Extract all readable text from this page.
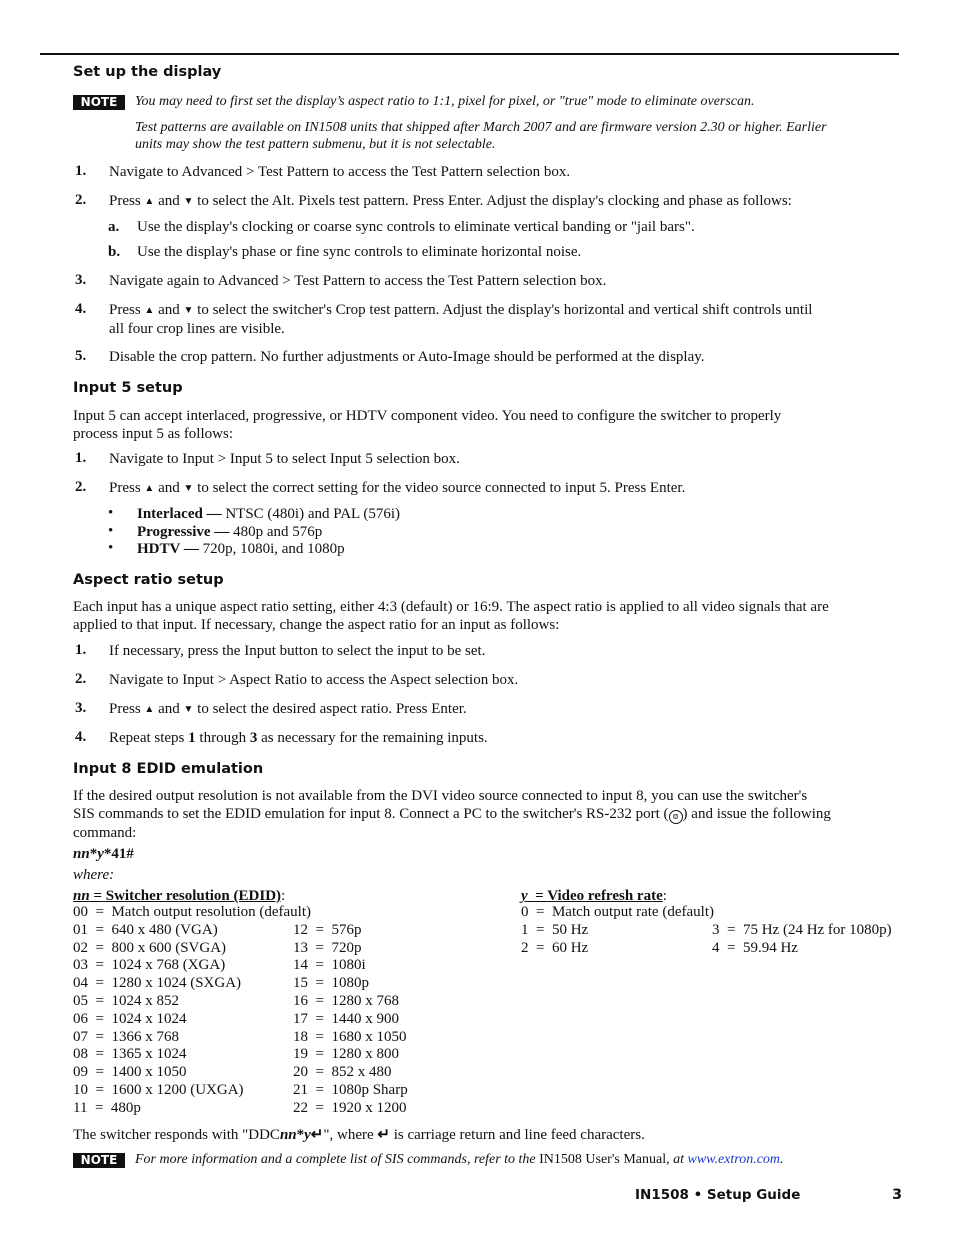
Set up the display
NOTE	You may need to first set the display’s aspect ratio to 1:1, pixel for pixel, or "true" mode to eliminate overscan.
Test patterns are available on IN1508 units that shipped after March 2007 and are firmware version 2.30 or higher. Earlier
units may show the test pattern submenu, but it is not selectable.
1. Navigate to Advanced > Test Pattern to access the Test Pattern selection box.
2. Press ▲ and ▼ to select the Alt. Pixels test pattern. Press Enter. Adjust the display's clocking and phase as follows:
a. Use the display's clocking or coarse sync controls to eliminate vertical banding or "jail bars".
b. Use the display's phase or fine sync controls to eliminate horizontal noise.
3. Navigate again to Advanced > Test Pattern to access the Test Pattern selection box.
4. Press ▲ and ▼ to select the switcher's Crop test pattern. Adjust the display's horizontal and vertical shift controls until
all four crop lines are visible.
5. Disable the crop pattern. No further adjustments or Auto-Image should be performed at the display.
Input 5 setup
Input 5 can accept interlaced, progressive, or HDTV component video. You need to configure the switcher to properly
process input 5 as follows:
1. Navigate to Input > Input 5 to select Input 5 selection box.
2. Press ▲ and ▼ to select the correct setting for the video source connected to input 5. Press Enter.
• Interlaced — NTSC (480i) and PAL (576i)
• Progressive — 480p and 576p
• HDTV — 720p, 1080i, and 1080p
Aspect ratio setup
Each input has a unique aspect ratio setting, either 4:3 (default) or 16:9. The aspect ratio is applied to all video signals that are
applied to that input. If necessary, change the aspect ratio for an input as follows:
1. If necessary, press the Input button to select the input to be set.
2. Navigate to Input > Aspect Ratio to access the Aspect selection box.
3. Press ▲ and ▼ to select the desired aspect ratio. Press Enter.
4. Repeat steps 1 through 3 as necessary for the remaining inputs.
Input 8 EDID emulation
If the desired output resolution is not available from the DVI video source connected to input 8, you can use the switcher's
SIS commands to set the EDID emulation for input 8. Connect a PC to the switcher's RS-232 port ( ⊜ ) and issue the following
command:
nn*y*41#
where:
nn = Switcher resolution (EDID):	y  = Video refresh rate:
00  =  Match output resolution (default)
01  =  640 x 480 (VGA)
02  =  800 x 600 (SVGA)
03  =  1024 x 768 (XGA)
04  =  1280 x 1024 (SXGA)
05  =  1024 x 852
06  =  1024 x 1024
07  =  1366 x 768
08  =  1365 x 1024
09  =  1400 x 1050
10  =  1600 x 1200 (UXGA)
11  =  480p
12  =  576p
13  =  720p
14  =  1080i
15  =  1080p
16  =  1280 x 768
17  =  1440 x 900
18  =  1680 x 1050
19  =  1280 x 800
20  =  852 x 480
21  =  1080p Sharp
22  =  1920 x 1200
0  =  Match output rate (default)
1  =  50 Hz
2  =  60 Hz
3  =  75 Hz (24 Hz for 1080p)
4  =  59.94 Hz
The switcher responds with "DDCnn*y↵", where ↵ is carriage return and line feed characters.
NOTE	For more information and a complete list of SIS commands, refer to the IN1508 User's Manual, at www.extron.com.
IN1508 • Setup Guide	3
